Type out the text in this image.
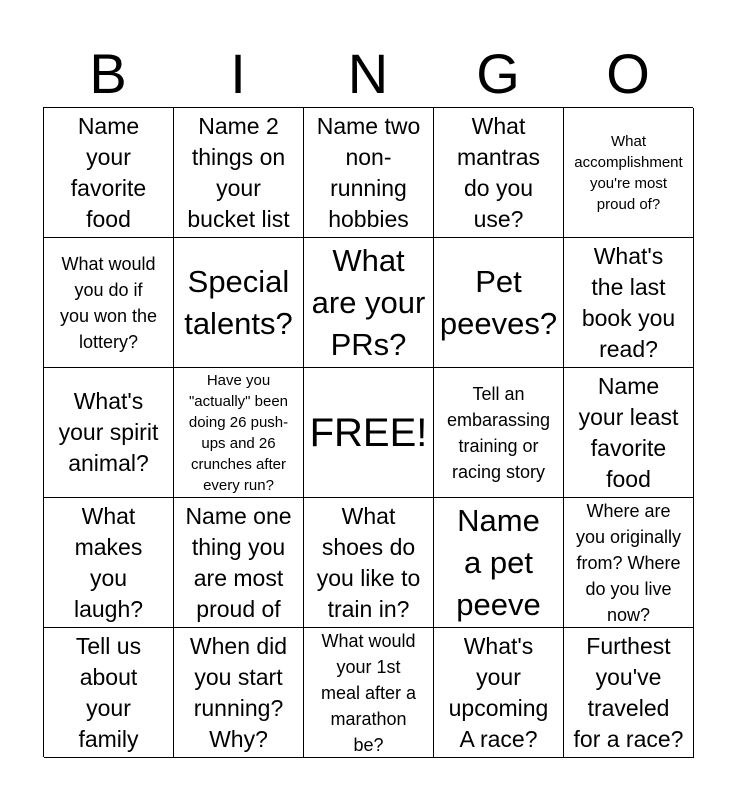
B	I	N	G	O
Name
your
favorite
food
Name 2
things on
your
bucket list
Name two
non-
running
hobbies
What
mantras
do you
use?
What
accomplishment
you're most
proud of?
What would
you do if
you won the
lottery?
Special
talents?
What
are your
PRs?
Pet
peeves?
What's
the last
book you
read?
What's
your spirit
animal?
Have you
"actually" been
doing 26 push-
ups and 26
crunches after
every run?
FREE!
Tell an
embarassing
training or
racing story
Name
your least
favorite
food
What
makes
you
laugh?
Name one
thing you
are most
proud of
What
shoes do
you like to
train in?
Name
a pet
peeve
Where are
you originally
from? Where
do you live
now?
Tell us
about
your
family
When did
you start
running?
Why?
What would
your 1st
meal after a
marathon
be?
What's
your
upcoming
A race?
Furthest
you've
traveled
for a race?
